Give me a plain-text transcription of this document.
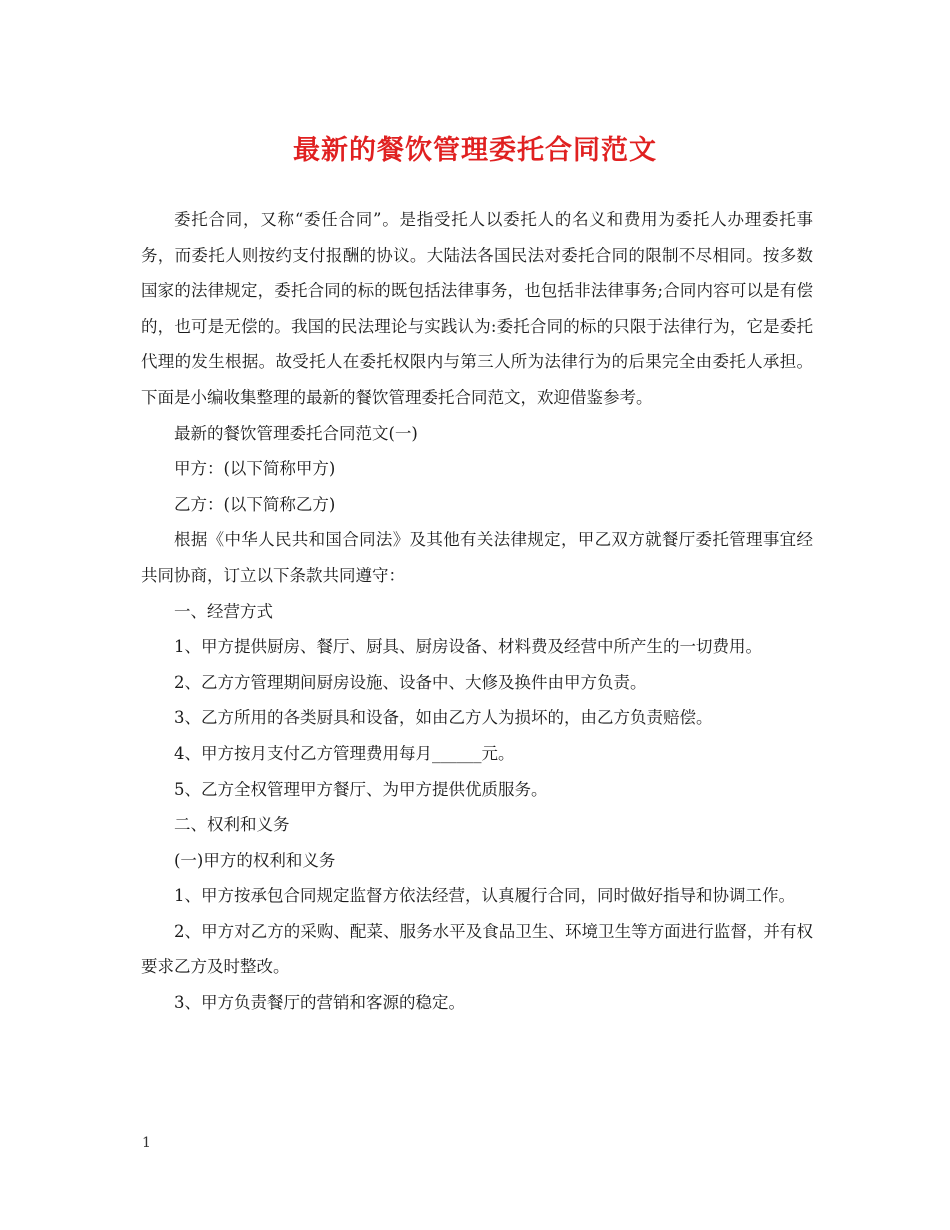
最新的餐饮管理委托合同范文

委托合同，又称“委任合同”。是指受托人以委托人的名义和费用为委托人办理委托事务，而委托人则按约支付报酬的协议。大陆法各国民法对委托合同的限制不尽相同。按多数国家的法律规定，委托合同的标的既包括法律事务，也包括非法律事务;合同内容可以是有偿的，也可是无偿的。我国的民法理论与实践认为:委托合同的标的只限于法律行为，它是委托代理的发生根据。故受托人在委托权限内与第三人所为法律行为的后果完全由委托人承担。下面是小编收集整理的最新的餐饮管理委托合同范文，欢迎借鉴参考。

最新的餐饮管理委托合同范文(一)

甲方：(以下简称甲方)

乙方：(以下简称乙方)

根据《中华人民共和国合同法》及其他有关法律规定，甲乙双方就餐厅委托管理事宜经共同协商，订立以下条款共同遵守：

一、经营方式

1、甲方提供厨房、餐厅、厨具、厨房设备、材料费及经营中所产生的一切费用。

2、乙方方管理期间厨房设施、设备中、大修及换件由甲方负责。

3、乙方所用的各类厨具和设备，如由乙方人为损坏的，由乙方负责赔偿。

4、甲方按月支付乙方管理费用每月______元。

5、乙方全权管理甲方餐厅、为甲方提供优质服务。

二、权利和义务

(一)甲方的权利和义务

1、甲方按承包合同规定监督方依法经营，认真履行合同，同时做好指导和协调工作。

2、甲方对乙方的采购、配菜、服务水平及食品卫生、环境卫生等方面进行监督，并有权要求乙方及时整改。

3、甲方负责餐厅的营销和客源的稳定。

1
